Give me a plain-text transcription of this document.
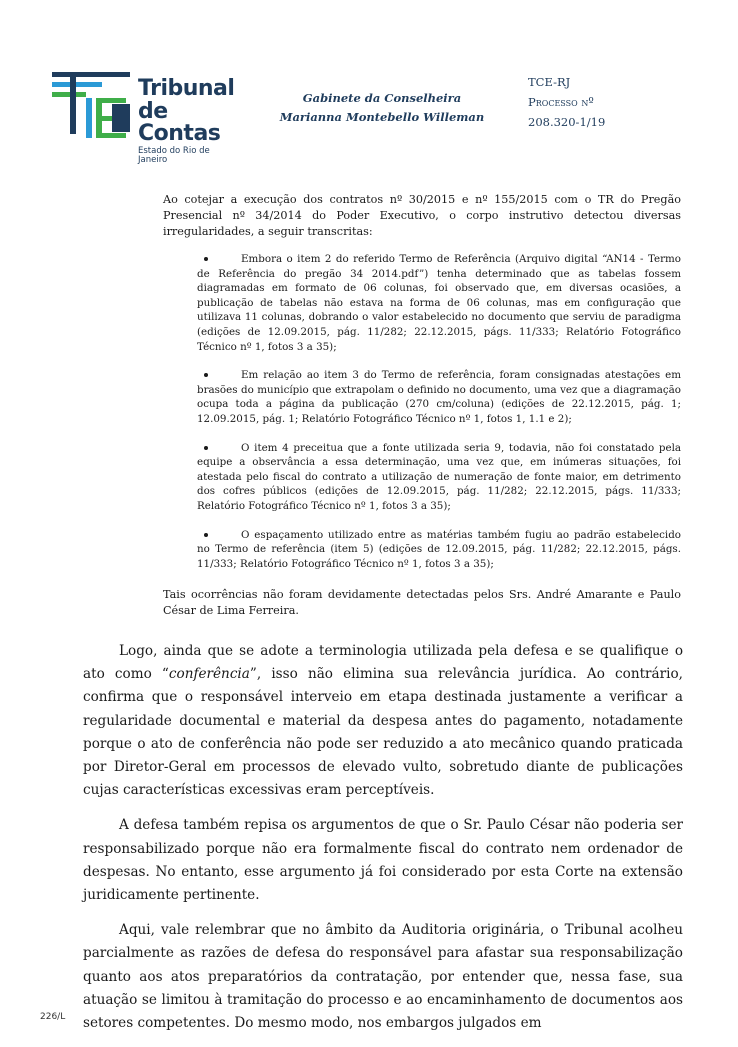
Tribunal
de Contas
Estado do Rio de Janeiro
Gabinete da Conselheira
Marianna Montebello Willeman
TCE-RJ
Processo nº
208.320-1/19

Ao cotejar a execução dos contratos nº 30/2015 e nº 155/2015 com o TR do Pregão Presencial nº 34/2014 do Poder Executivo, o corpo instrutivo detectou diversas irregularidades, a seguir transcritas:

Embora o item 2 do referido Termo de Referência (Arquivo digital “AN14 - Termo de Referência do pregão 34 2014.pdf”) tenha determinado que as tabelas fossem diagramadas em formato de 06 colunas, foi observado que, em diversas ocasiões, a publicação de tabelas não estava na forma de 06 colunas, mas em configuração que utilizava 11 colunas, dobrando o valor estabelecido no documento que serviu de paradigma (edições de 12.09.2015, pág. 11/282; 22.12.2015, págs. 11/333; Relatório Fotográfico Técnico nº 1, fotos 3 a 35);
Em relação ao item 3 do Termo de referência, foram consignadas atestações em brasões do município que extrapolam o definido no documento, uma vez que a diagramação ocupa toda a página da publicação (270 cm/coluna) (edições de 22.12.2015, pág. 1; 12.09.2015, pág. 1; Relatório Fotográfico Técnico nº 1, fotos 1, 1.1 e 2);
O item 4 preceitua que a fonte utilizada seria 9, todavia, não foi constatado pela equipe a observância a essa determinação, uma vez que, em inúmeras situações, foi atestada pelo fiscal do contrato a utilização de numeração de fonte maior, em detrimento dos cofres públicos (edições de 12.09.2015, pág. 11/282; 22.12.2015, págs. 11/333; Relatório Fotográfico Técnico nº 1, fotos 3 a 35);
O espaçamento utilizado entre as matérias também fugiu ao padrão estabelecido no Termo de referência (item 5) (edições de 12.09.2015, pág. 11/282; 22.12.2015, págs. 11/333; Relatório Fotográfico Técnico nº 1, fotos 3 a 35);

Tais ocorrências não foram devidamente detectadas pelos Srs. André Amarante e Paulo César de Lima Ferreira.

Logo, ainda que se adote a terminologia utilizada pela defesa e se qualifique o ato como “conferência”, isso não elimina sua relevância jurídica. Ao contrário, confirma que o responsável interveio em etapa destinada justamente a verificar a regularidade documental e material da despesa antes do pagamento, notadamente porque o ato de conferência não pode ser reduzido a ato mecânico quando praticada por Diretor-Geral em processos de elevado vulto, sobretudo diante de publicações cujas características excessivas eram perceptíveis.

A defesa também repisa os argumentos de que o Sr. Paulo César não poderia ser responsabilizado porque não era formalmente fiscal do contrato nem ordenador de despesas. No entanto, esse argumento já foi considerado por esta Corte na extensão juridicamente pertinente.

Aqui, vale relembrar que no âmbito da Auditoria originária, o Tribunal acolheu parcialmente as razões de defesa do responsável para afastar sua responsabilização quanto aos atos preparatórios da contratação, por entender que, nessa fase, sua atuação se limitou à tramitação do processo e ao encaminhamento de documentos aos setores competentes. Do mesmo modo, nos embargos julgados em

226/L
